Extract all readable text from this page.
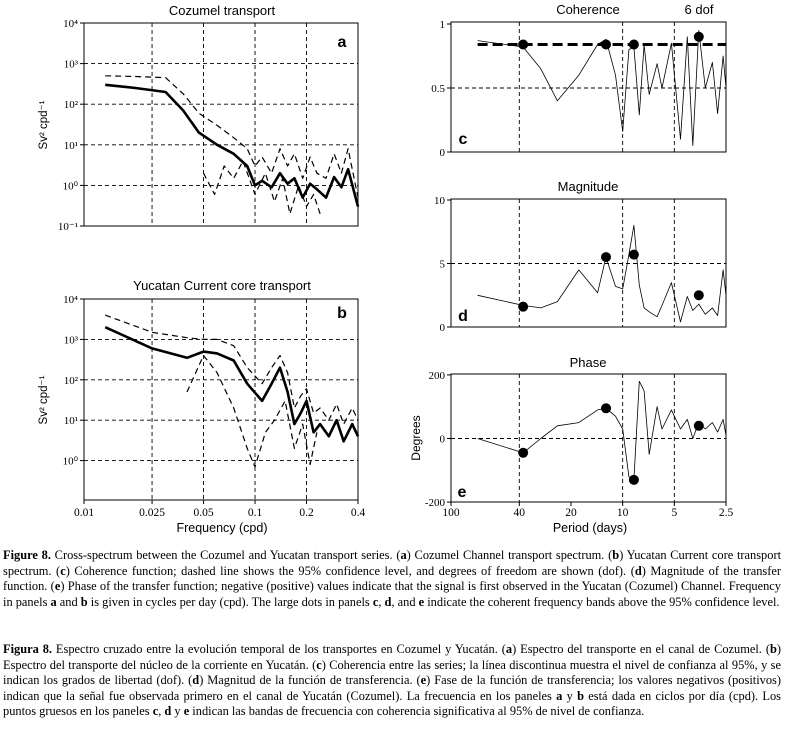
0.01	0.025 0.05	0.1	0.2	0.4
Frequency (cpd)
100	40	20	10	5	2.5
Period (days)
10⁴
10³
10²
10¹
10⁰
10⁻¹
10⁴
10³
10²
10¹
10⁰
1
0.5
0
10
5
0
200
0
-200
Cozumel transport
Yucatan Current core transport
Coherence	6 dof
Magnitude
Phase
a
b
c
d
e
Sv² cpd⁻¹
Sv² cpd⁻¹
Degrees

Figure 8. Cross-spectrum between the Cozumel and Yucatan transport series. (a) Cozumel Channel transport spectrum. (b) Yucatan Current core transport spectrum. (c) Coherence function; dashed line shows the 95% confidence level, and degrees of freedom are shown (dof). (d) Magnitude of the transfer function. (e) Phase of the transfer function; negative (positive) values indicate that the signal is first observed in the Yucatan (Cozumel) Channel. Frequency in panels a and b is given in cycles per day (cpd). The large dots in panels c, d, and e indicate the coherent frequency bands above the 95% confidence level.

Figura 8. Espectro cruzado entre la evolución temporal de los transportes en Cozumel y Yucatán. (a) Espectro del transporte en el canal de Cozumel. (b) Espectro del transporte del núcleo de la corriente en Yucatán. (c) Coherencia entre las series; la línea discontinua muestra el nivel de confianza al 95%, y se indican los grados de libertad (dof). (d) Magnitud de la función de transferencia. (e) Fase de la función de transferencia; los valores negativos (positivos) indican que la señal fue observada primero en el canal de Yucatán (Cozumel). La frecuencia en los paneles a y b está dada en ciclos por día (cpd). Los puntos gruesos en los paneles c, d y e indican las bandas de frecuencia con coherencia significativa al 95% de nivel de confianza.
